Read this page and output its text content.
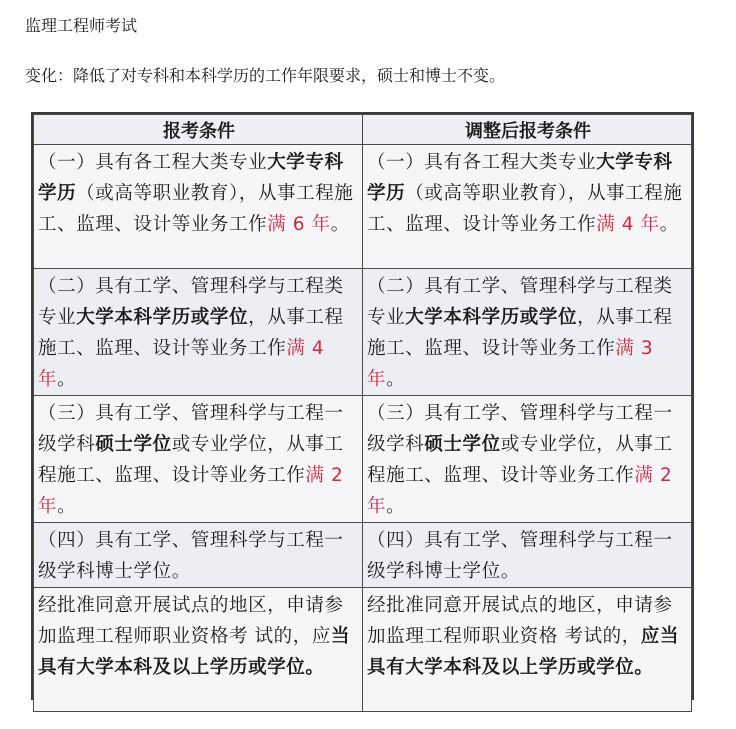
监理工程师考试
变化：降低了对专科和本科学历的工作年限要求，硕士和博士不变。
报考条件	调整后报考条件
（一）具有各工程大类专业大学专科学历（或高等职业教育），从事工程施工、监理、设计等业务工作满 6 年。	（一）具有各工程大类专业大学专科学历（或高等职业教育），从事工程施工、监理、设计等业务工作满 4 年。
（二）具有工学、管理科学与工程类专业大学本科学历或学位，从事工程施工、监理、设计等业务工作满 4 年。	（二）具有工学、管理科学与工程类专业大学本科学历或学位，从事工程施工、监理、设计等业务工作满 3 年。
（三）具有工学、管理科学与工程一级学科硕士学位或专业学位，从事工程施工、监理、设计等业务工作满 2 年。	（三）具有工学、管理科学与工程一级学科硕士学位或专业学位，从事工程施工、监理、设计等业务工作满 2 年。
（四）具有工学、管理科学与工程一级学科博士学位。	（四）具有工学、管理科学与工程一级学科博士学位。
经批准同意开展试点的地区，申请参加监理工程师职业资格考 试的，应当具有大学本科及以上学历或学位。	经批准同意开展试点的地区，申请参加监理工程师职业资格 考试的，应当具有大学本科及以上学历或学位。
